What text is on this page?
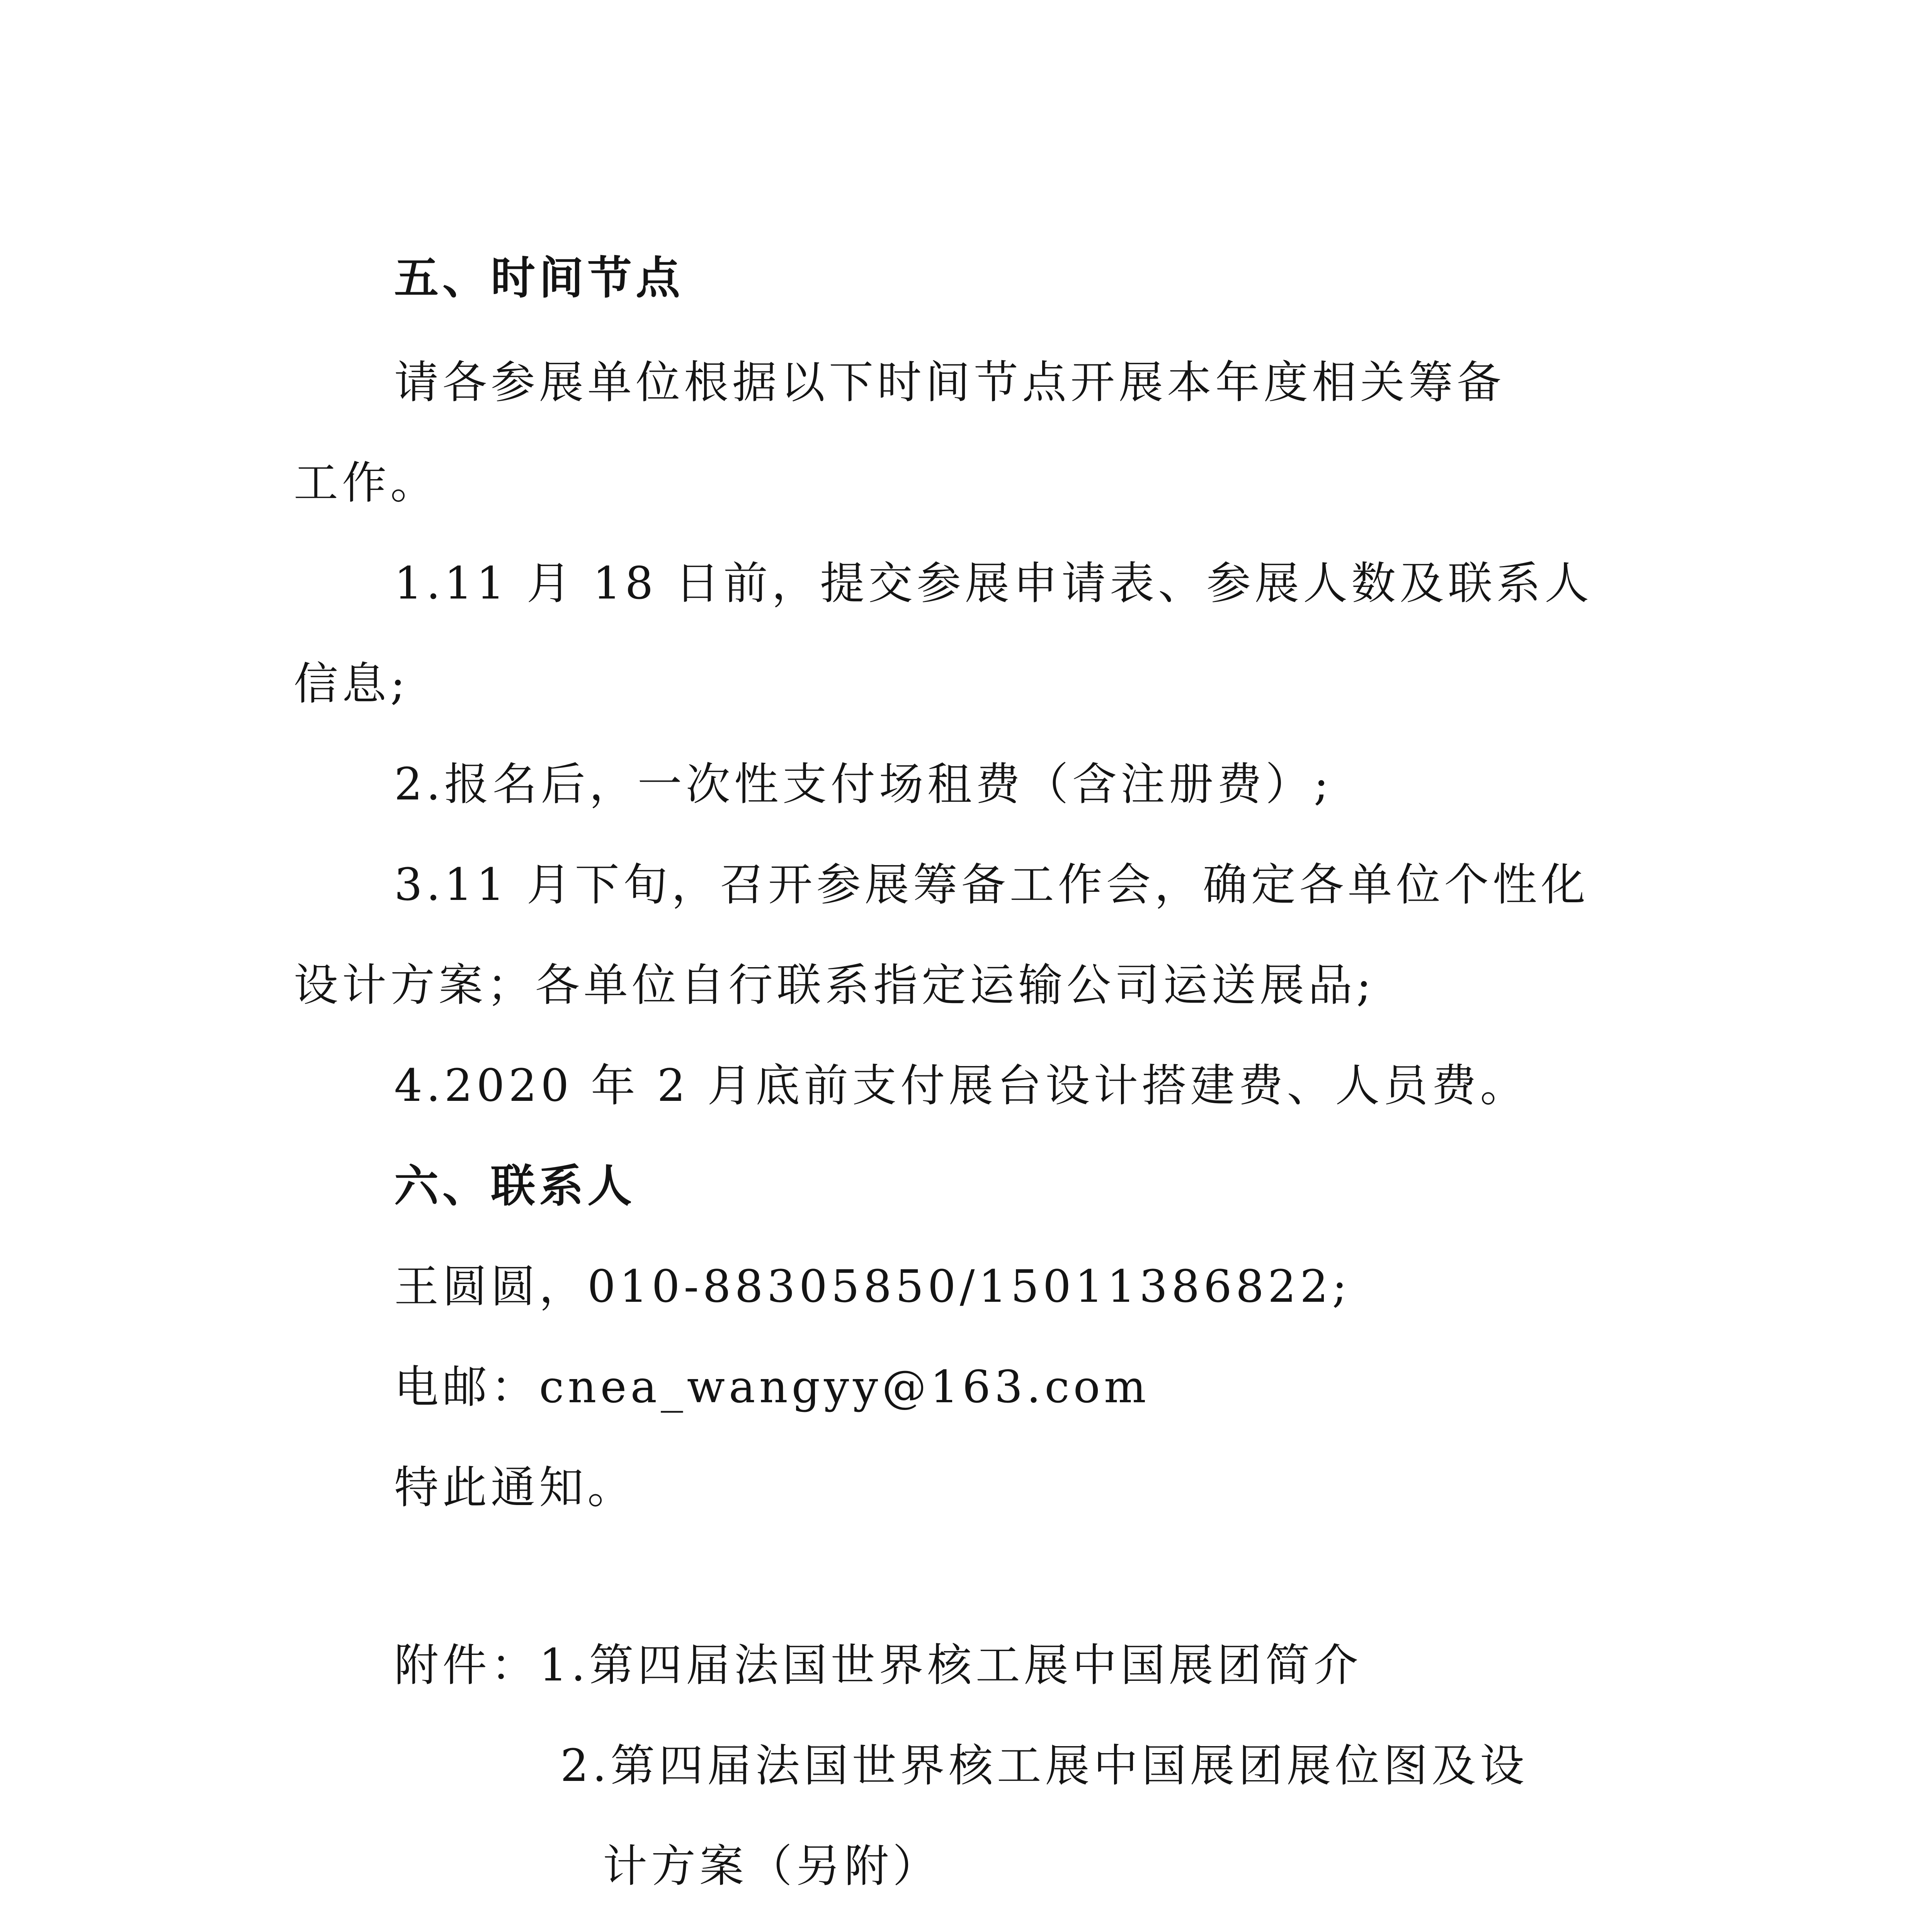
五、时间节点
请各参展单位根据以下时间节点开展本年度相关筹备
工作。
1.11 月 18 日前，提交参展申请表、参展人数及联系人
信息;
2.报名后，一次性支付场租费（含注册费）;
3.11 月下旬，召开参展筹备工作会，确定各单位个性化
设计方案；各单位自行联系指定运输公司运送展品;
4.2020 年 2 月底前支付展台设计搭建费、人员费。
六、联系人
王圆圆，010-88305850/15011386822;
电邮：cnea_wangyy@163.com
特此通知。
附件：1.第四届法国世界核工展中国展团简介
2.第四届法国世界核工展中国展团展位图及设
计方案（另附）
